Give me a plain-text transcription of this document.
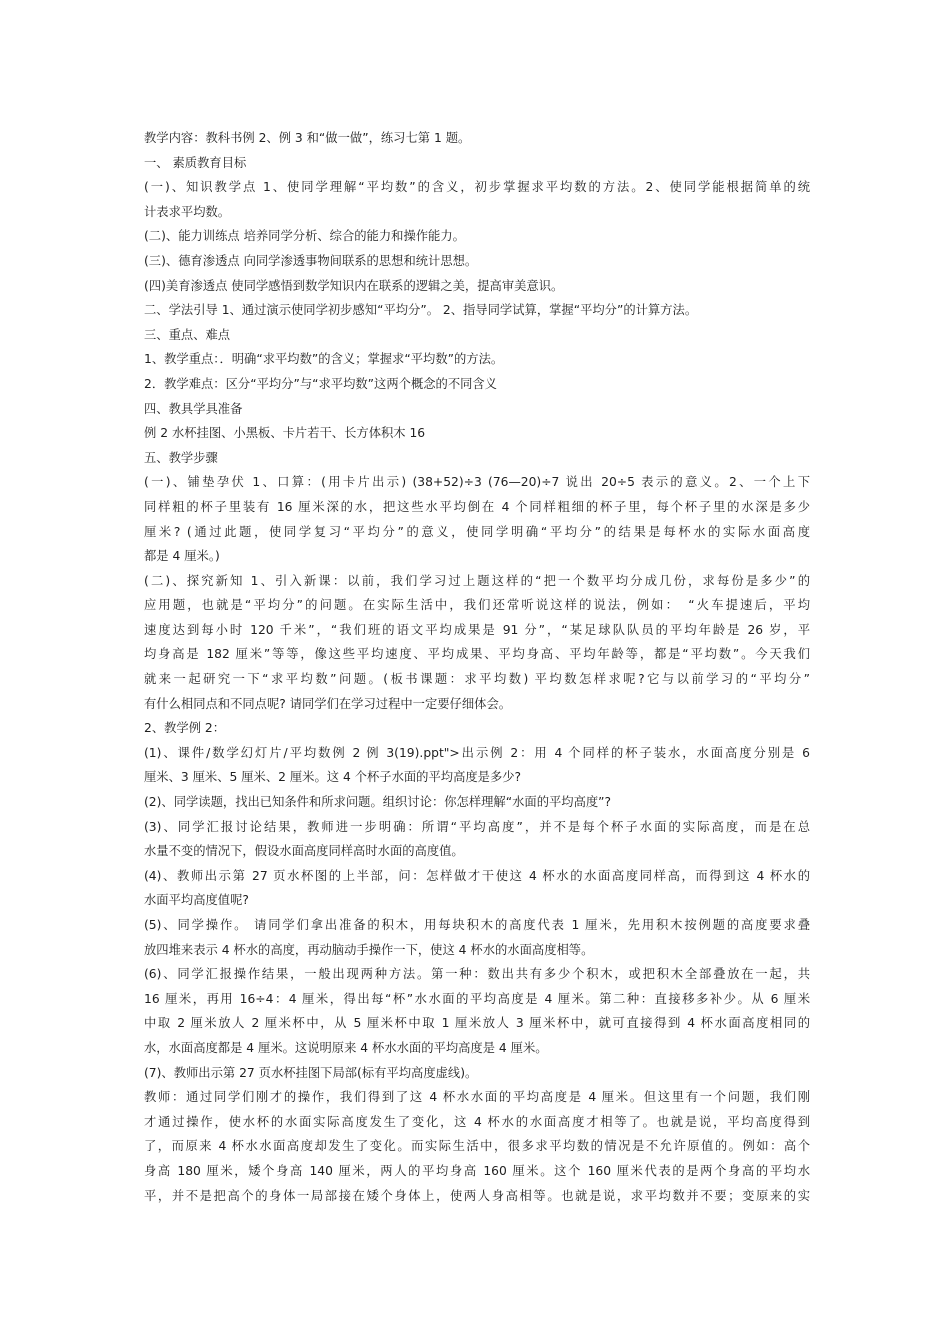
教学内容：教科书例 2、例 3 和“做一做”，练习七第 1 题。
一、 素质教育目标
(一)、知识教学点 1、使同学理解“平均数”的含义，初步掌握求平均数的方法。2、使同学能根据简单的统
计表求平均数。
(二)、能力训练点 培养同学分析、综合的能力和操作能力。
(三)、德育渗透点 向同学渗透事物间联系的思想和统计思想。
(四)美育渗透点 使同学感悟到数学知识内在联系的逻辑之美，提高审美意识。
二、学法引导 1、通过演示使同学初步感知“平均分”。 2、指导同学试算，掌握“平均分”的计算方法。
三、重点、难点
1、教学重点：．明确“求平均数”的含义；掌握求“平均数”的方法。
2．教学难点：区分“平均分”与“求平均数”这两个概念的不同含义
四、教具学具准备
例 2 水杯挂图、小黑板、卡片若干、长方体积木 16
五、教学步骤
(一)、铺垫孕伏 1、口算：(用卡片出示) (38+52)÷3 (76—20)÷7 说出 20÷5 表示的意义。2、一个上下
同样粗的杯子里装有 16 厘米深的水，把这些水平均倒在 4 个同样粗细的杯子里，每个杯子里的水深是多少
厘米? (通过此题，使同学复习“平均分”的意义，使同学明确“平均分”的结果是每杯水的实际水面高度
都是 4 厘米。)
(二)、探究新知 1、引入新课：以前，我们学习过上题这样的“把一个数平均分成几份，求每份是多少”的
应用题，也就是“平均分”的问题。在实际生活中，我们还常听说这样的说法，例如：　“火车提速后，平均
速度达到每小时 120 千米”，“我们班的语文平均成果是 91 分”，“某足球队队员的平均年龄是 26 岁，平
均身高是 182 厘米”等等，像这些平均速度、平均成果、平均身高、平均年龄等，都是“平均数”。今天我们
就来一起研究一下“求平均数”问题。(板书课题：求平均数) 平均数怎样求呢?它与以前学习的“平均分”
有什么相同点和不同点呢? 请同学们在学习过程中一定要仔细体会。
2、教学例 2：
(1)、课件/数学幻灯片/平均数例 2 例 3(19).ppt">出示例 2：用 4 个同样的杯子装水，水面高度分别是 6
厘米、3 厘米、5 厘米、2 厘米。这 4 个杯子水面的平均高度是多少?
(2)、同学读题，找出已知条件和所求问题。组织讨论：你怎样理解“水面的平均高度”?
(3)、同学汇报讨论结果，教师进一步明确：所谓“平均高度”，并不是每个杯子水面的实际高度，而是在总
水量不变的情况下，假设水面高度同样高时水面的高度值。
(4)、教师出示第 27 页水杯图的上半部，问：怎样做才干使这 4 杯水的水面高度同样高，而得到这 4 杯水的
水面平均高度值呢?
(5)、同学操作。 请同学们拿出准备的积木，用每块积木的高度代表 1 厘米，先用积木按例题的高度要求叠
放四堆来表示 4 杯水的高度，再动脑动手操作一下，使这 4 杯水的水面高度相等。
(6)、同学汇报操作结果，一般出现两种方法。第一种：数出共有多少个积木，或把积木全部叠放在一起，共
16 厘米，再用 16÷4：4 厘米，得出每“杯”水水面的平均高度是 4 厘米。第二种：直接移多补少。从 6 厘米
中取 2 厘米放人 2 厘米杯中，从 5 厘米杯中取 1 厘米放人 3 厘米杯中，就可直接得到 4 杯水面高度相同的
水，水面高度都是 4 厘米。这说明原来 4 杯水水面的平均高度是 4 厘米。
(7)、教师出示第 27 页水杯挂图下局部(标有平均高度虚线)。
教师：通过同学们刚才的操作，我们得到了这 4 杯水水面的平均高度是 4 厘米。但这里有一个问题，我们刚
才通过操作，使水杯的水面实际高度发生了变化，这 4 杯水的水面高度才相等了。也就是说，平均高度得到
了，而原来 4 杯水水面高度却发生了变化。而实际生活中，很多求平均数的情况是不允许原值的。例如：高个
身高 180 厘米，矮个身高 140 厘米，两人的平均身高 160 厘米。这个 160 厘米代表的是两个身高的平均水
平，并不是把高个的身体一局部接在矮个身体上，使两人身高相等。也就是说，求平均数并不要；变原来的实
